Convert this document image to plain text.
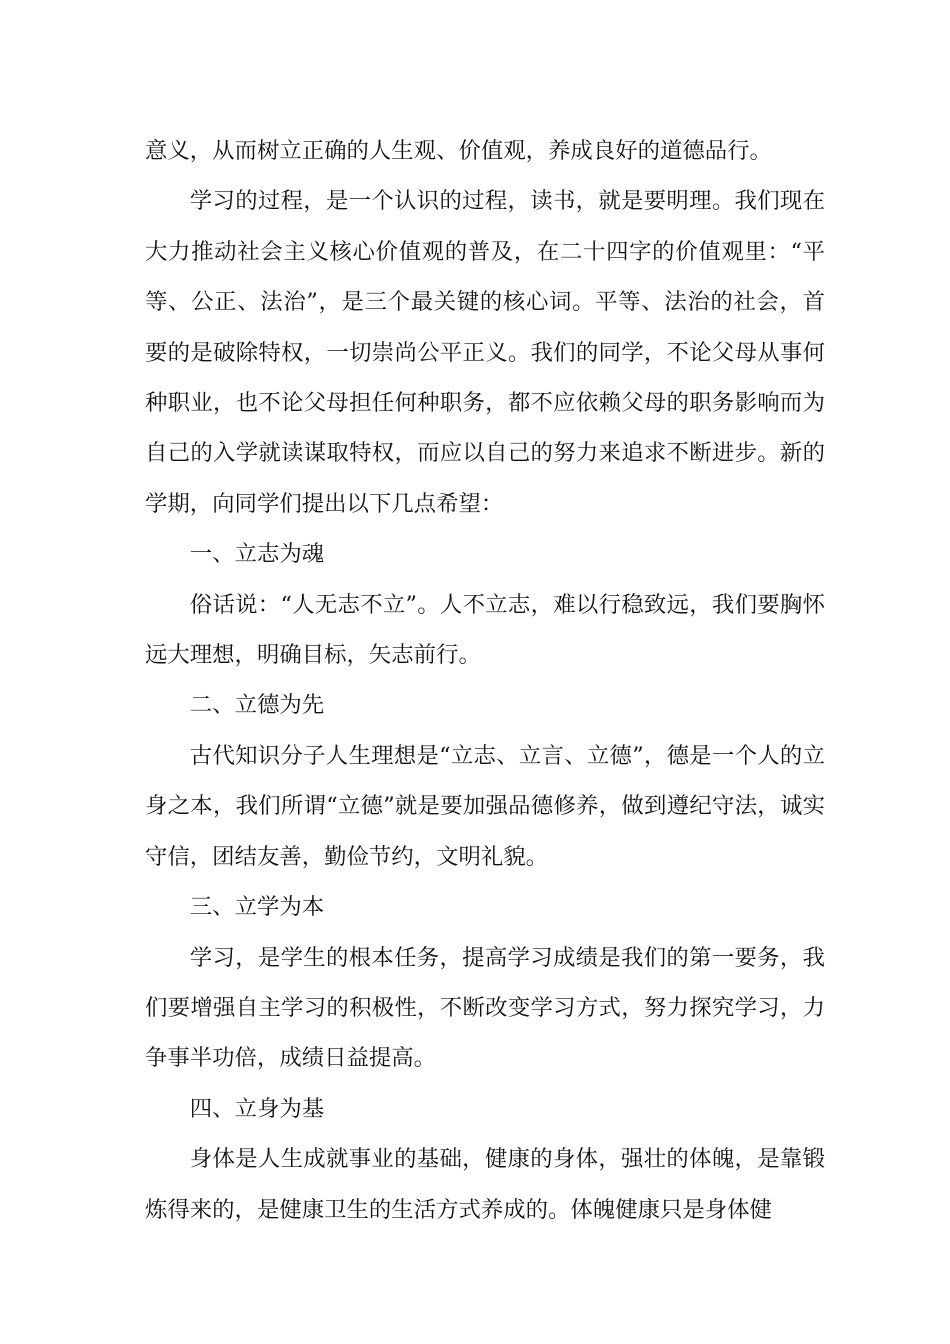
意义，从而树立正确的人生观、价值观，养成良好的道德品行。

学习的过程，是一个认识的过程，读书，就是要明理。我们现在大力推动社会主义核心价值观的普及，在二十四字的价值观里：“平等、公正、法治”，是三个最关键的核心词。平等、法治的社会，首要的是破除特权，一切崇尚公平正义。我们的同学，不论父母从事何种职业，也不论父母担任何种职务，都不应依赖父母的职务影响而为自己的入学就读谋取特权，而应以自己的努力来追求不断进步。新的学期，向同学们提出以下几点希望：

一、立志为魂

俗话说：“人无志不立”。人不立志，难以行稳致远，我们要胸怀远大理想，明确目标，矢志前行。

二、立德为先

古代知识分子人生理想是“立志、立言、立德”，德是一个人的立身之本，我们所谓“立德”就是要加强品德修养，做到遵纪守法，诚实守信，团结友善，勤俭节约，文明礼貌。

三、立学为本

学习，是学生的根本任务，提高学习成绩是我们的第一要务，我们要增强自主学习的积极性，不断改变学习方式，努力探究学习，力争事半功倍，成绩日益提高。

四、立身为基

身体是人生成就事业的基础，健康的身体，强壮的体魄，是靠锻炼得来的，是健康卫生的生活方式养成的。体魄健康只是身体健
